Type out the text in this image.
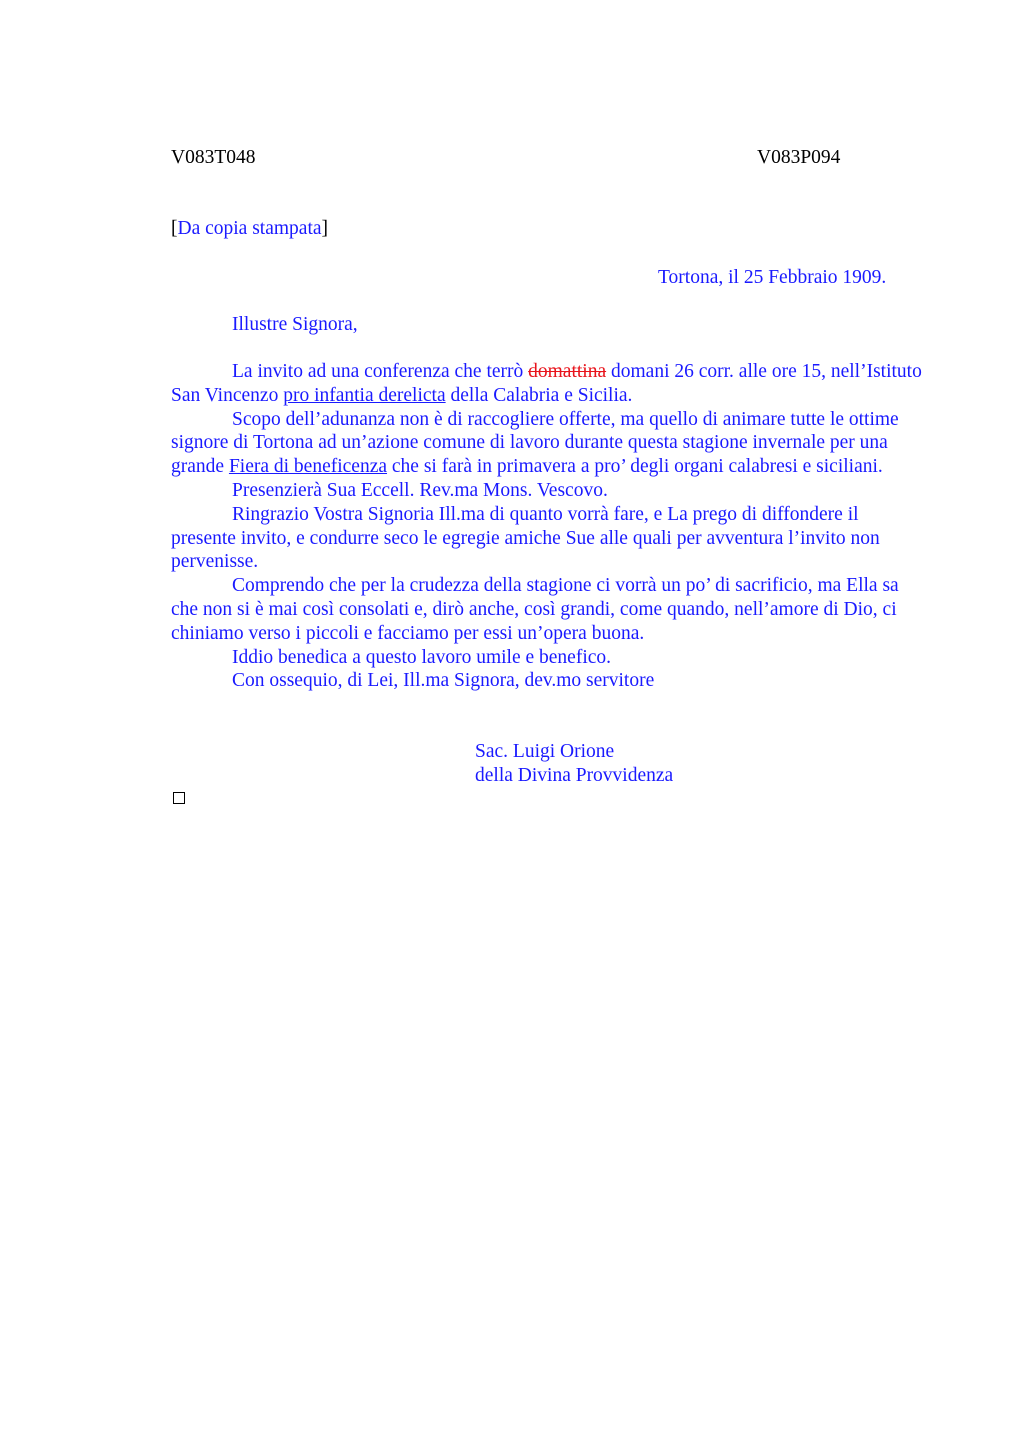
V083T048	V083P094
[Da copia stampata]
Tortona, il 25 Febbraio 1909.
Illustre Signora,

La invito ad una conferenza che terrò domattina domani 26 corr. alle ore 15, nell’Istituto San Vincenzo pro infantia derelicta della Calabria e Sicilia.

Scopo dell’adunanza non è di raccogliere offerte, ma quello di animare tutte le ottime signore di Tortona ad un’azione comune di lavoro durante questa stagione invernale per una grande Fiera di beneficenza che si farà in primavera a pro’ degli organi calabresi e siciliani.

Presenzierà Sua Eccell. Rev.ma Mons. Vescovo.

Ringrazio Vostra Signoria Ill.ma di quanto vorrà fare, e La prego di diffondere il presente invito, e condurre seco le egregie amiche Sue alle quali per avventura l’invito non pervenisse.

Comprendo che per la crudezza della stagione ci vorrà un po’ di sacrificio, ma Ella sa che non si è mai così consolati e, dirò anche, così grandi, come quando, nell’amore di Dio, ci chiniamo verso i piccoli e facciamo per essi un’opera buona.

Iddio benedica a questo lavoro umile e benefico.

Con ossequio, di Lei, Ill.ma Signora, dev.mo servitore

Sac. Luigi Orione
della Divina Provvidenza
